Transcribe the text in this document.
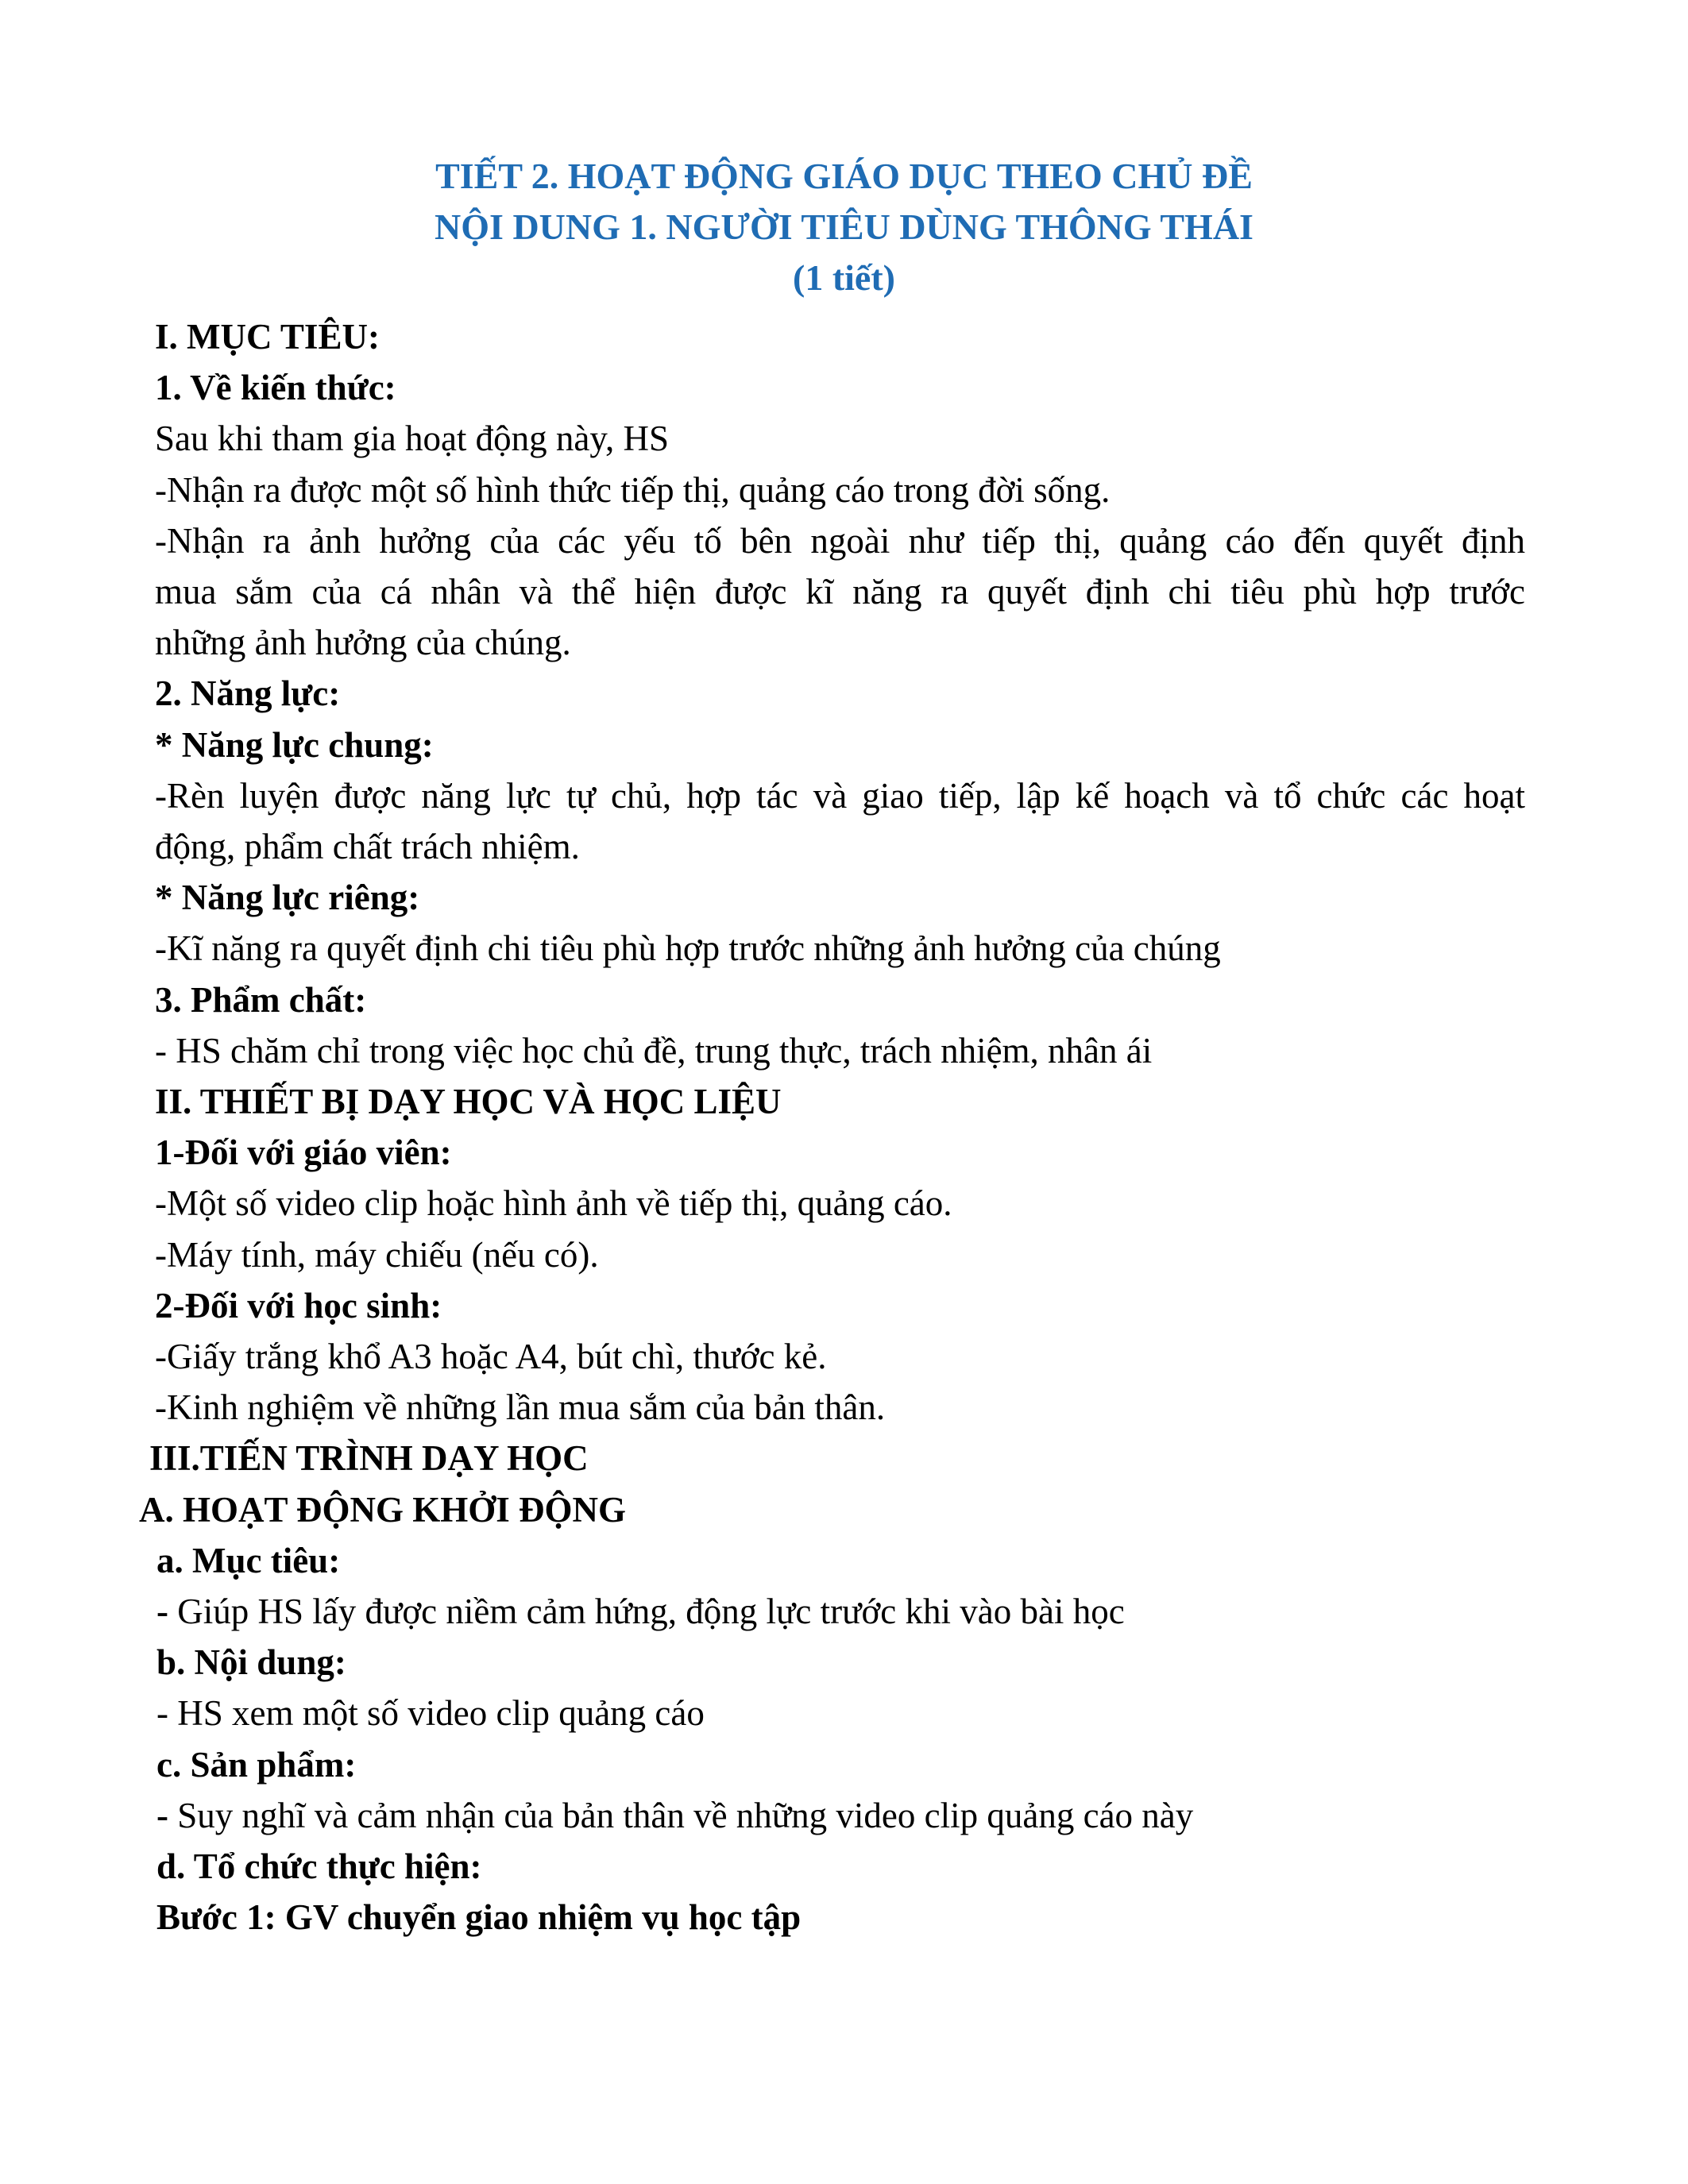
TIẾT 2. HOẠT ĐỘNG GIÁO DỤC THEO CHỦ ĐỀ
NỘI DUNG 1. NGƯỜI TIÊU DÙNG THÔNG THÁI
(1 tiết)
I. MỤC TIÊU:
1. Về kiến thức:
Sau khi tham gia hoạt động này, HS
-Nhận ra được một số hình thức tiếp thị, quảng cáo trong đời sống.
-Nhận ra ảnh hưởng của các yếu tố bên ngoài như tiếp thị, quảng cáo đến quyết định
mua sắm của cá nhân và thể hiện được kĩ năng ra quyết định chi tiêu phù hợp trước
những ảnh hưởng của chúng.
2. Năng lực:
* Năng lực chung:
-Rèn luyện được năng lực tự chủ, hợp tác và giao tiếp, lập kế hoạch và tổ chức các hoạt
động, phẩm chất trách nhiệm.
* Năng lực riêng:
-Kĩ năng ra quyết định chi tiêu phù hợp trước những ảnh hưởng của chúng
3. Phẩm chất:
- HS chăm chỉ trong việc học chủ đề, trung thực, trách nhiệm, nhân ái
II. THIẾT BỊ DẠY HỌC VÀ HỌC LIỆU
1-Đối với giáo viên:
-Một số video clip hoặc hình ảnh về tiếp thị, quảng cáo.
-Máy tính, máy chiếu (nếu có).
2-Đối với học sinh:
-Giấy trắng khổ A3 hoặc A4, bút chì, thước kẻ.
-Kinh nghiệm về những lần mua sắm của bản thân.
III.TIẾN TRÌNH DẠY HỌC
A. HOẠT ĐỘNG KHỞI ĐỘNG
a. Mục tiêu:
- Giúp HS lấy được niềm cảm hứng, động lực trước khi vào bài học
b. Nội dung:
- HS xem một số video clip quảng cáo
c. Sản phẩm:
- Suy nghĩ và cảm nhận của bản thân về những video clip quảng cáo này
d. Tổ chức thực hiện:
Bước 1: GV chuyển giao nhiệm vụ học tập
